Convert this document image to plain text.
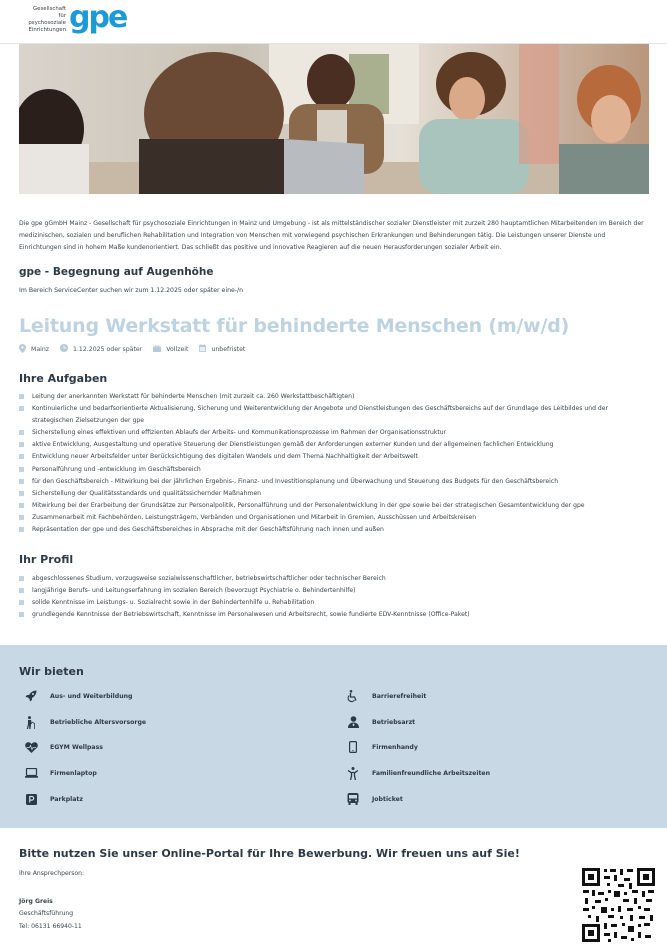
Gesellschaft
für psychosoziale
Einrichtungen gpe
Die gpe gGmbH Mainz - Gesellschaft für psychosoziale Einrichtungen in Mainz und Umgebung - ist als mittelständischer sozialer Dienstleister mit zurzeit 280 hauptamtlichen Mitarbeitenden im Bereich der medizinischen, sozialen und beruflichen Rehabilitation und Integration von Menschen mit vorwiegend psychischen Erkrankungen und Behinderungen tätig. Die Leistungen unserer Dienste und Einrichtungen sind in hohem Maße kundenorientiert. Das schließt das positive und innovative Reagieren auf die neuen Herausforderungen sozialer Arbeit ein.
gpe - Begegnung auf Augenhöhe
Im Bereich ServiceCenter suchen wir zum 1.12.2025 oder später eine-/n
Leitung Werkstatt für behinderte Menschen (m/w/d)
Mainz	1.12.2025 oder später	Vollzeit	unbefristet
Ihre Aufgaben
Leitung der anerkannten Werkstatt für behinderte Menschen (mit zurzeit ca. 260 Werkstattbeschäftigten)
Kontinuierliche und bedarfsorientierte Aktualisierung, Sicherung und Weiterentwicklung der Angebote und Dienstleistungen des Geschäftsbereichs auf der Grundlage des Leitbildes und der strategischen Zielsetzungen der gpe
Sicherstellung eines effektiven und effizienten Ablaufs der Arbeits- und Kommunikationsprozesse im Rahmen der Organisationsstruktur
aktive Entwicklung, Ausgestaltung und operative Steuerung der Dienstleistungen gemäß der Anforderungen externer Kunden und der allgemeinen fachlichen Entwicklung
Entwicklung neuer Arbeitsfelder unter Berücksichtigung des digitalen Wandels und dem Thema Nachhaltigkeit der Arbeitswelt
Personalführung und -entwicklung im Geschäftsbereich
für den Geschäftsbereich - Mitwirkung bei der jährlichen Ergebnis-, Finanz- und Investitionsplanung und Überwachung und Steuerung des Budgets für den Geschäftsbereich
Sicherstellung der Qualitätsstandards und qualitätssichernder Maßnahmen
Mitwirkung bei der Erarbeitung der Grundsätze zur Personalpolitik, Personalführung und der Personalentwicklung in der gpe sowie bei der strategischen Gesamtentwicklung der gpe
Zusammenarbeit mit Fachbehörden, Leistungsträgern, Verbänden und Organisationen und Mitarbeit in Gremien, Ausschüssen und Arbeitskreisen
Repräsentation der gpe und des Geschäftsbereiches in Absprache mit der Geschäftsführung nach innen und außen
Ihr Profil
abgeschlossenes Studium, vorzugsweise sozialwissenschaftlicher, betriebswirtschaftlicher oder technischer Bereich
langjährige Berufs- und Leitungserfahrung im sozialen Bereich (bevorzugt Psychiatrie o. Behindertenhilfe)
solide Kenntnisse im Leistungs- u. Sozialrecht sowie in der Behindertenhilfe u. Rehabilitation
grundlegende Kenntnisse der Betriebswirtschaft, Kenntnisse im Personalwesen und Arbeitsrecht, sowie fundierte EDV-Kenntnisse (Office-Paket)
Wir bieten
Aus- und Weiterbildung
Betriebliche Altersvorsorge
EGYM Wellpass
Firmenlaptop
Parkplatz
Barrierefreiheit
Betriebsarzt
Firmenhandy
Familienfreundliche Arbeitszeiten
Jobticket
Bitte nutzen Sie unser Online-Portal für Ihre Bewerbung. Wir freuen uns auf Sie!
Ihre Ansprechperson:
Jörg Greis
Geschäftsführung
Tel: 06131 66940-11
